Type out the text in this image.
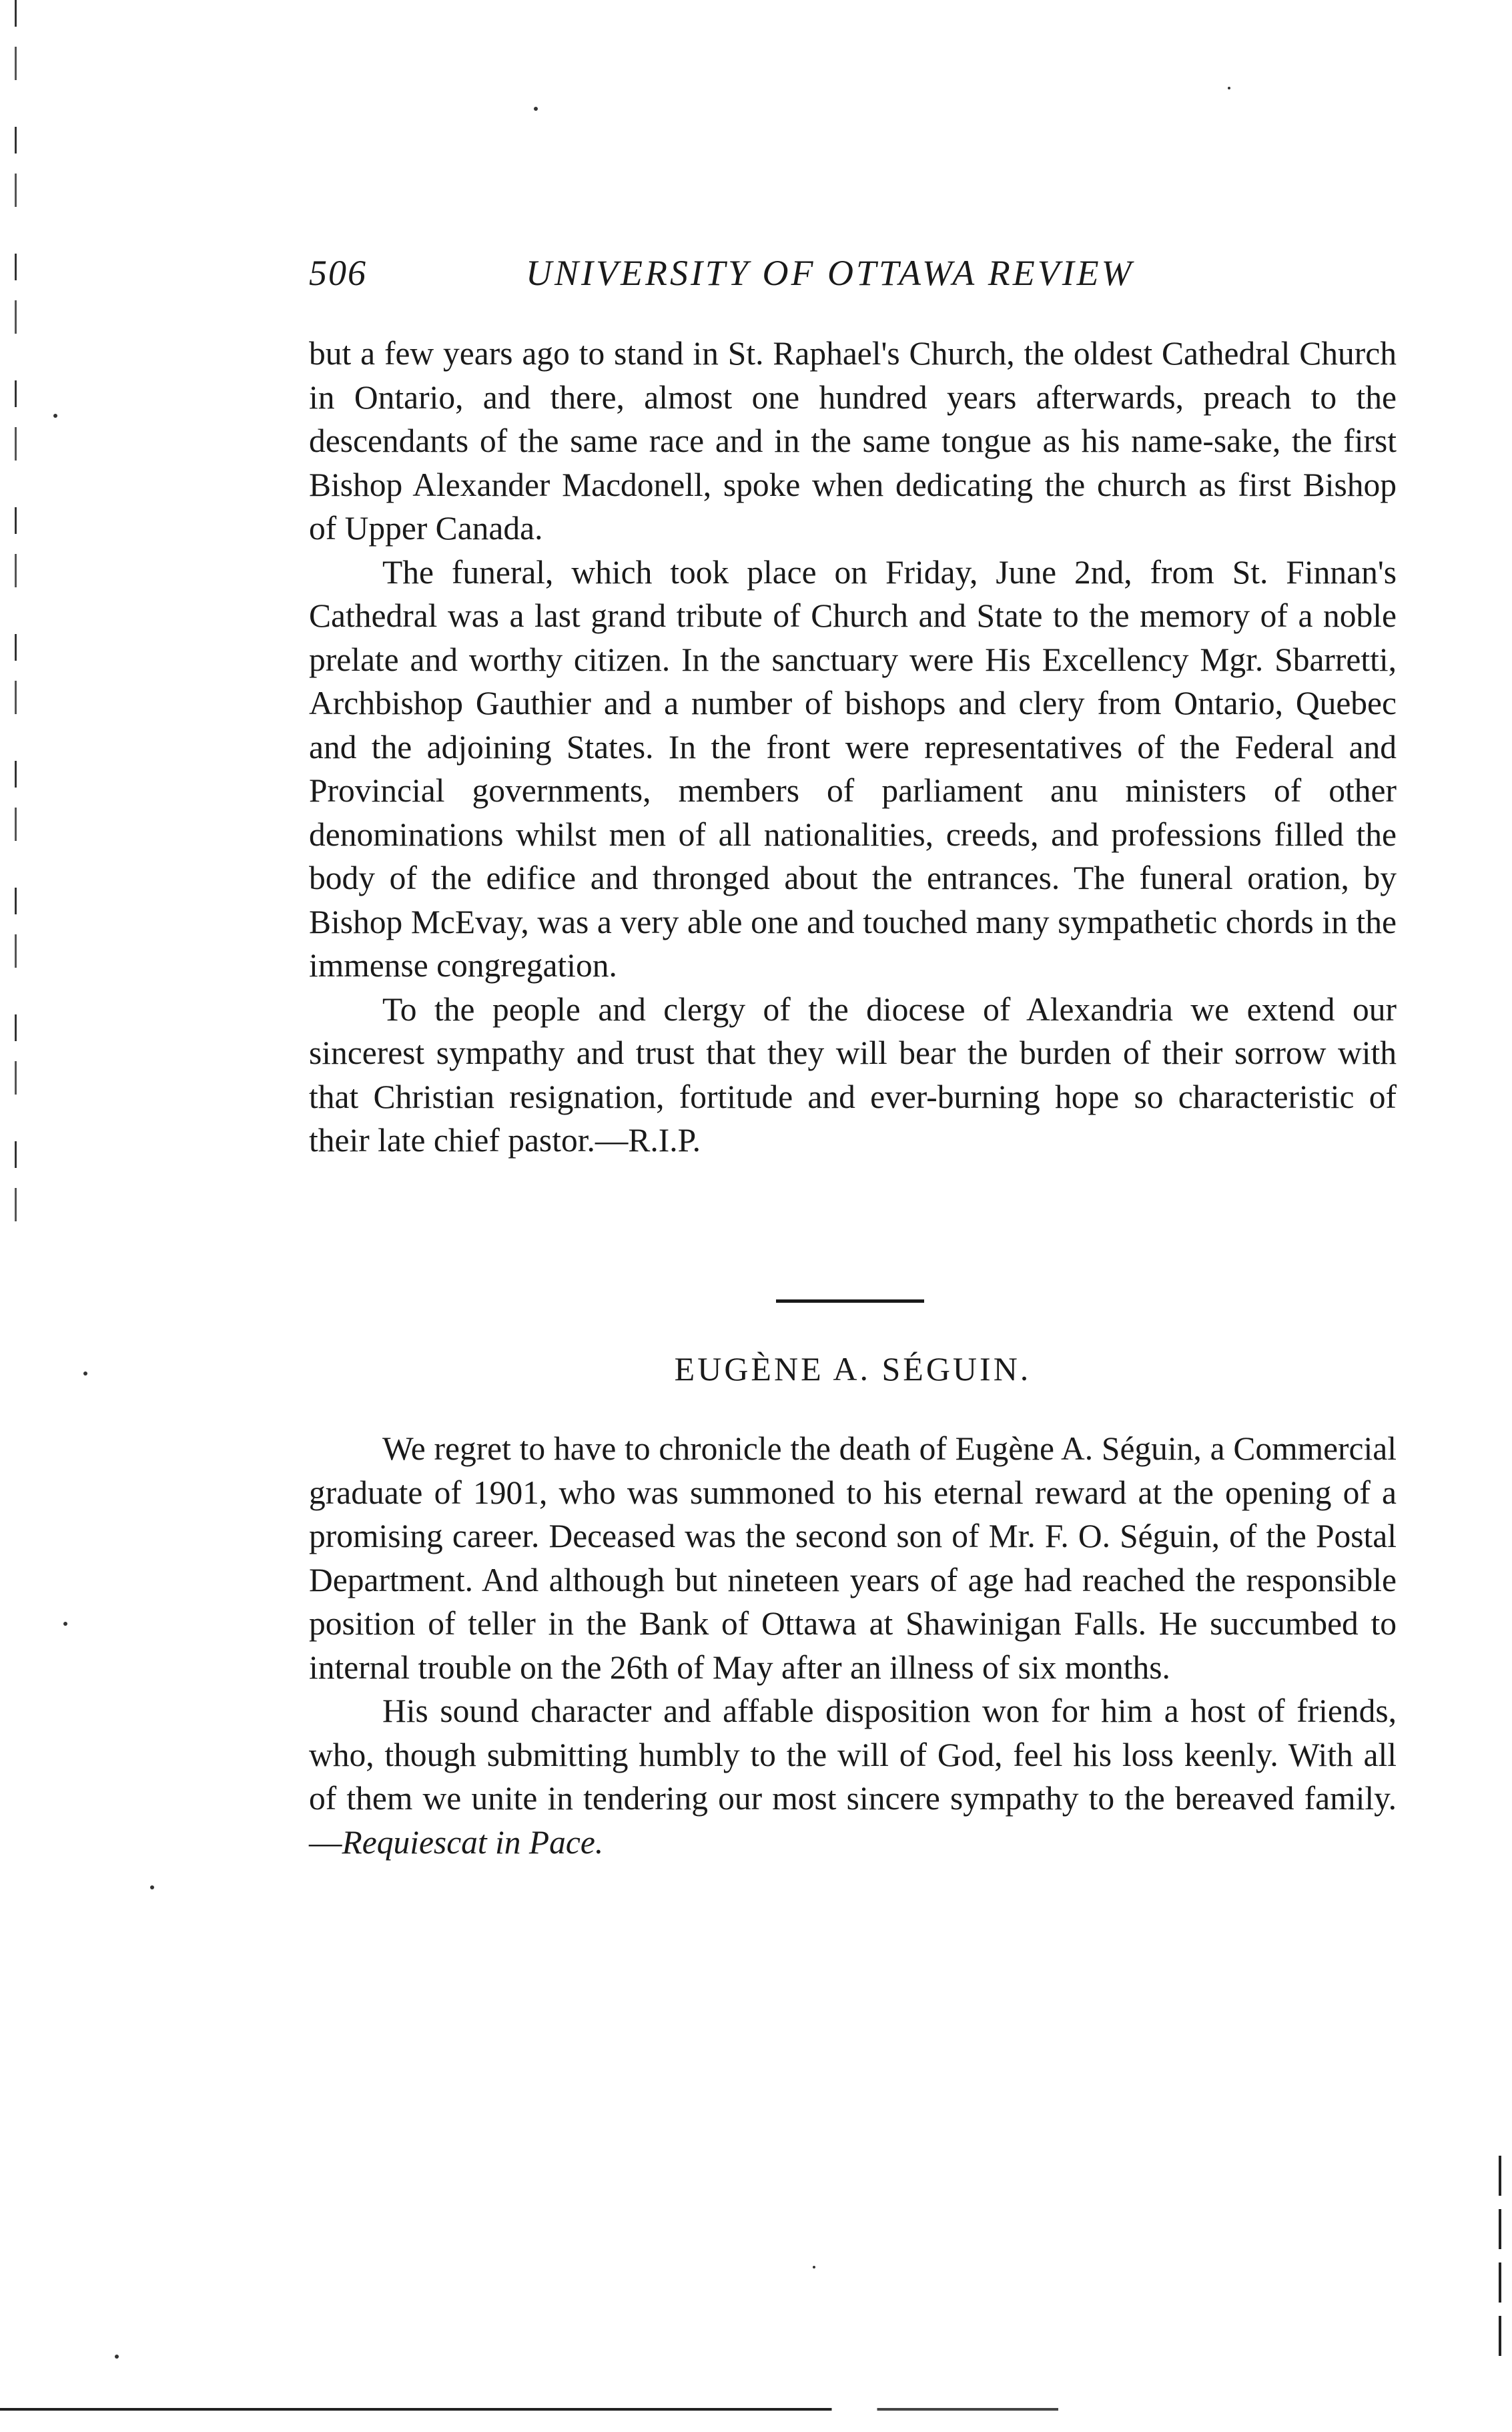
506	UNIVERSITY OF OTTAWA REVIEW

but a few years ago to stand in St. Raphael's Church, the oldest Cathedral Church in Ontario, and there, almost one hundred years afterwards, preach to the descendants of the same race and in the same tongue as his name-sake, the first Bishop Alexander Macdonell, spoke when dedicating the church as first Bishop of Upper Canada.

The funeral, which took place on Friday, June 2nd, from St. Finnan's Cathedral was a last grand tribute of Church and State to the memory of a noble prelate and worthy citizen. In the sanctuary were His Excellency Mgr. Sbarretti, Archbishop Gauthier and a number of bishops and clery from Ontario, Quebec and the adjoining States. In the front were representatives of the Federal and Provincial governments, members of parliament anu ministers of other denominations whilst men of all nationalities, creeds, and professions filled the body of the edifice and thronged about the entrances. The funeral oration, by Bishop McEvay, was a very able one and touched many sympathetic chords in the immense congregation.

To the people and clergy of the diocese of Alexandria we extend our sincerest sympathy and trust that they will bear the burden of their sorrow with that Christian resignation, fortitude and ever-burning hope so characteristic of their late chief pastor.—R.I.P.

EUGÈNE A. SÉGUIN.

We regret to have to chronicle the death of Eugène A. Séguin, a Commercial graduate of 1901, who was summoned to his eternal reward at the opening of a promising career. Deceased was the second son of Mr. F. O. Séguin, of the Postal Department. And although but nineteen years of age had reached the responsible position of teller in the Bank of Ottawa at Shawinigan Falls. He succumbed to internal trouble on the 26th of May after an illness of six months.

His sound character and affable disposition won for him a host of friends, who, though submitting humbly to the will of God, feel his loss keenly. With all of them we unite in tendering our most sincere sympathy to the bereaved family.—Requiescat in Pace.
